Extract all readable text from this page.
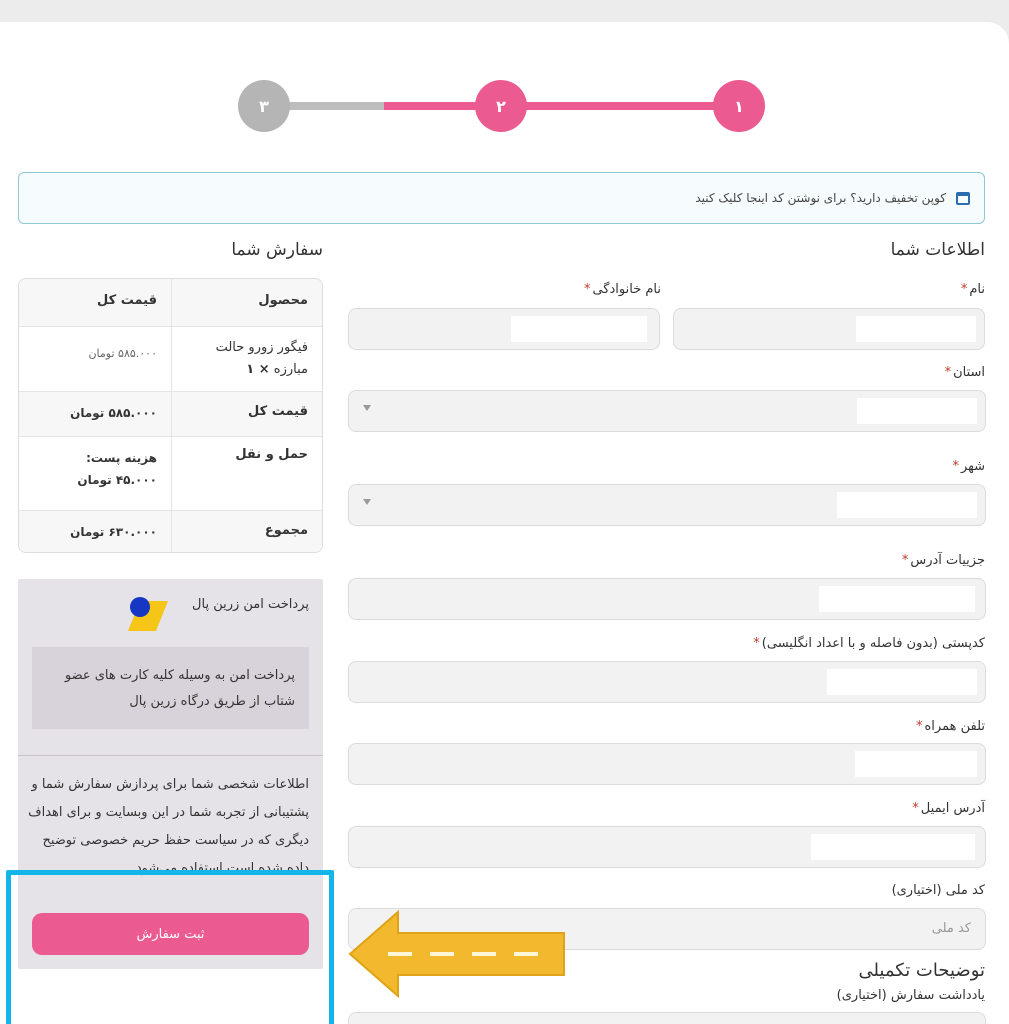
۳	۲	۱
کوپن تخفیف دارید؟ برای نوشتن کد اینجا کلیک کنید
اطلاعات شما
سفارش شما
نام*
نام خانوادگی*
استان*
شهر*
جزییات آدرس*
کدپستی (بدون فاصله و با اعداد انگلیسی)*
تلفن همراه*
آدرس ایمیل*
کد ملی (اختیاری)
کد ملی
توضیحات تکمیلی
یادداشت سفارش (اختیاری)
محصول
قیمت کل
فیگور زورو حالت مبارزه × ۱
۵۸۵.۰۰۰ تومان
قیمت کل
۵۸۵.۰۰۰ تومان
حمل و نقل
هزینه پست:
۴۵.۰۰۰ تومان
مجموع
۶۳۰.۰۰۰ تومان
پرداخت امن زرین پال
پرداخت امن به وسیله کلیه کارت های عضو شتاب از طریق درگاه زرین پال
اطلاعات شخصی شما برای پردازش سفارش شما و پشتیبانی از تجربه شما در این وبسایت و برای اهداف دیگری که در سیاست حفظ حریم خصوصی توضیح داده شده است استفاده می‌شود.
ثبت سفارش
